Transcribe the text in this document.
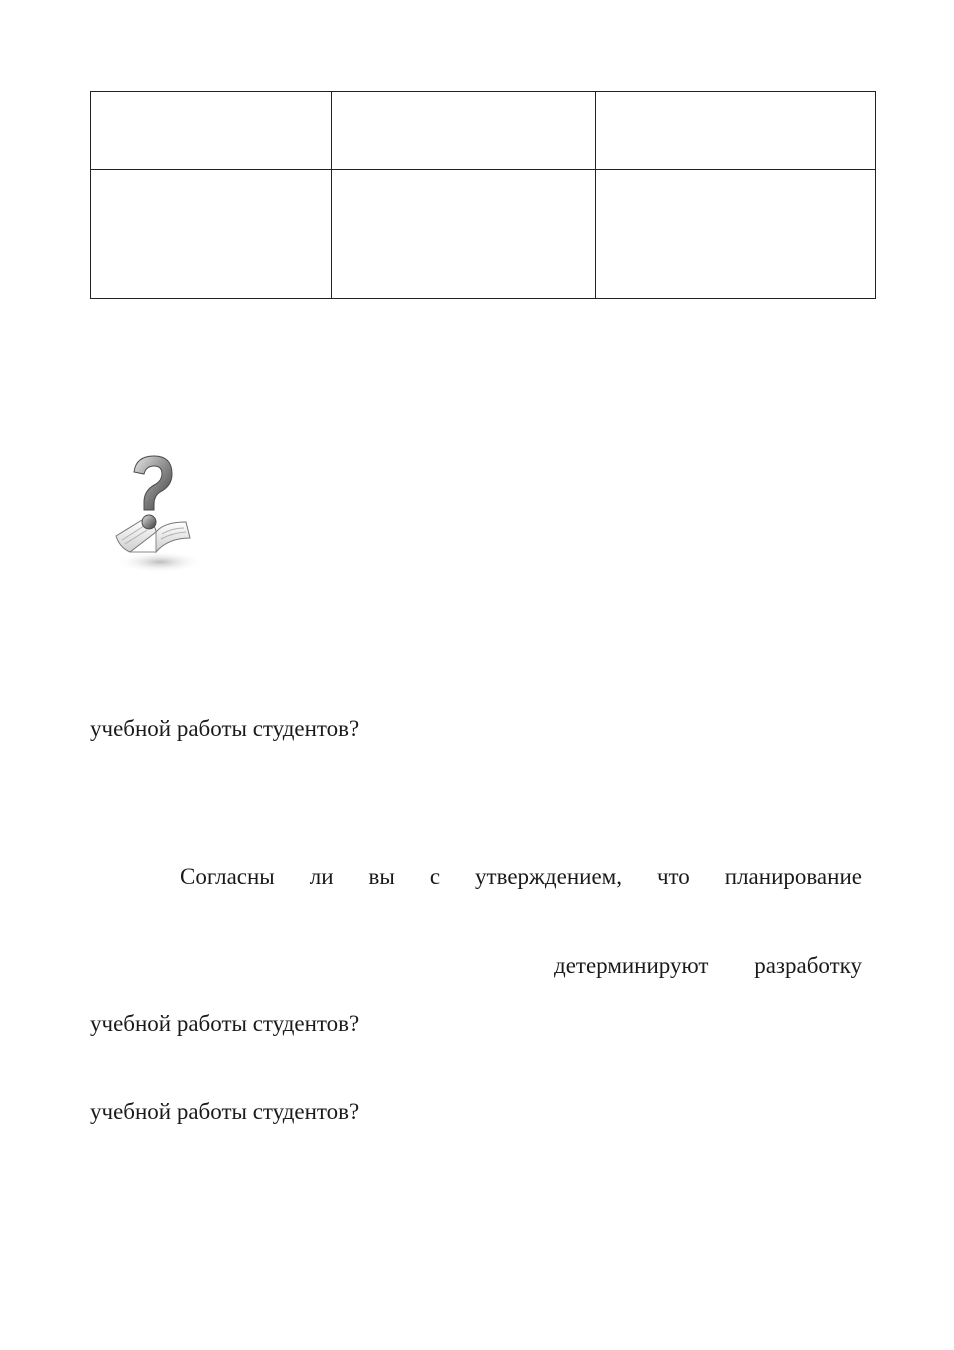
учебной работы студентов?
Согласны ли вы с утверждением, что планирование
детерминируют разработку
учебной работы студентов?
учебной работы студентов?
